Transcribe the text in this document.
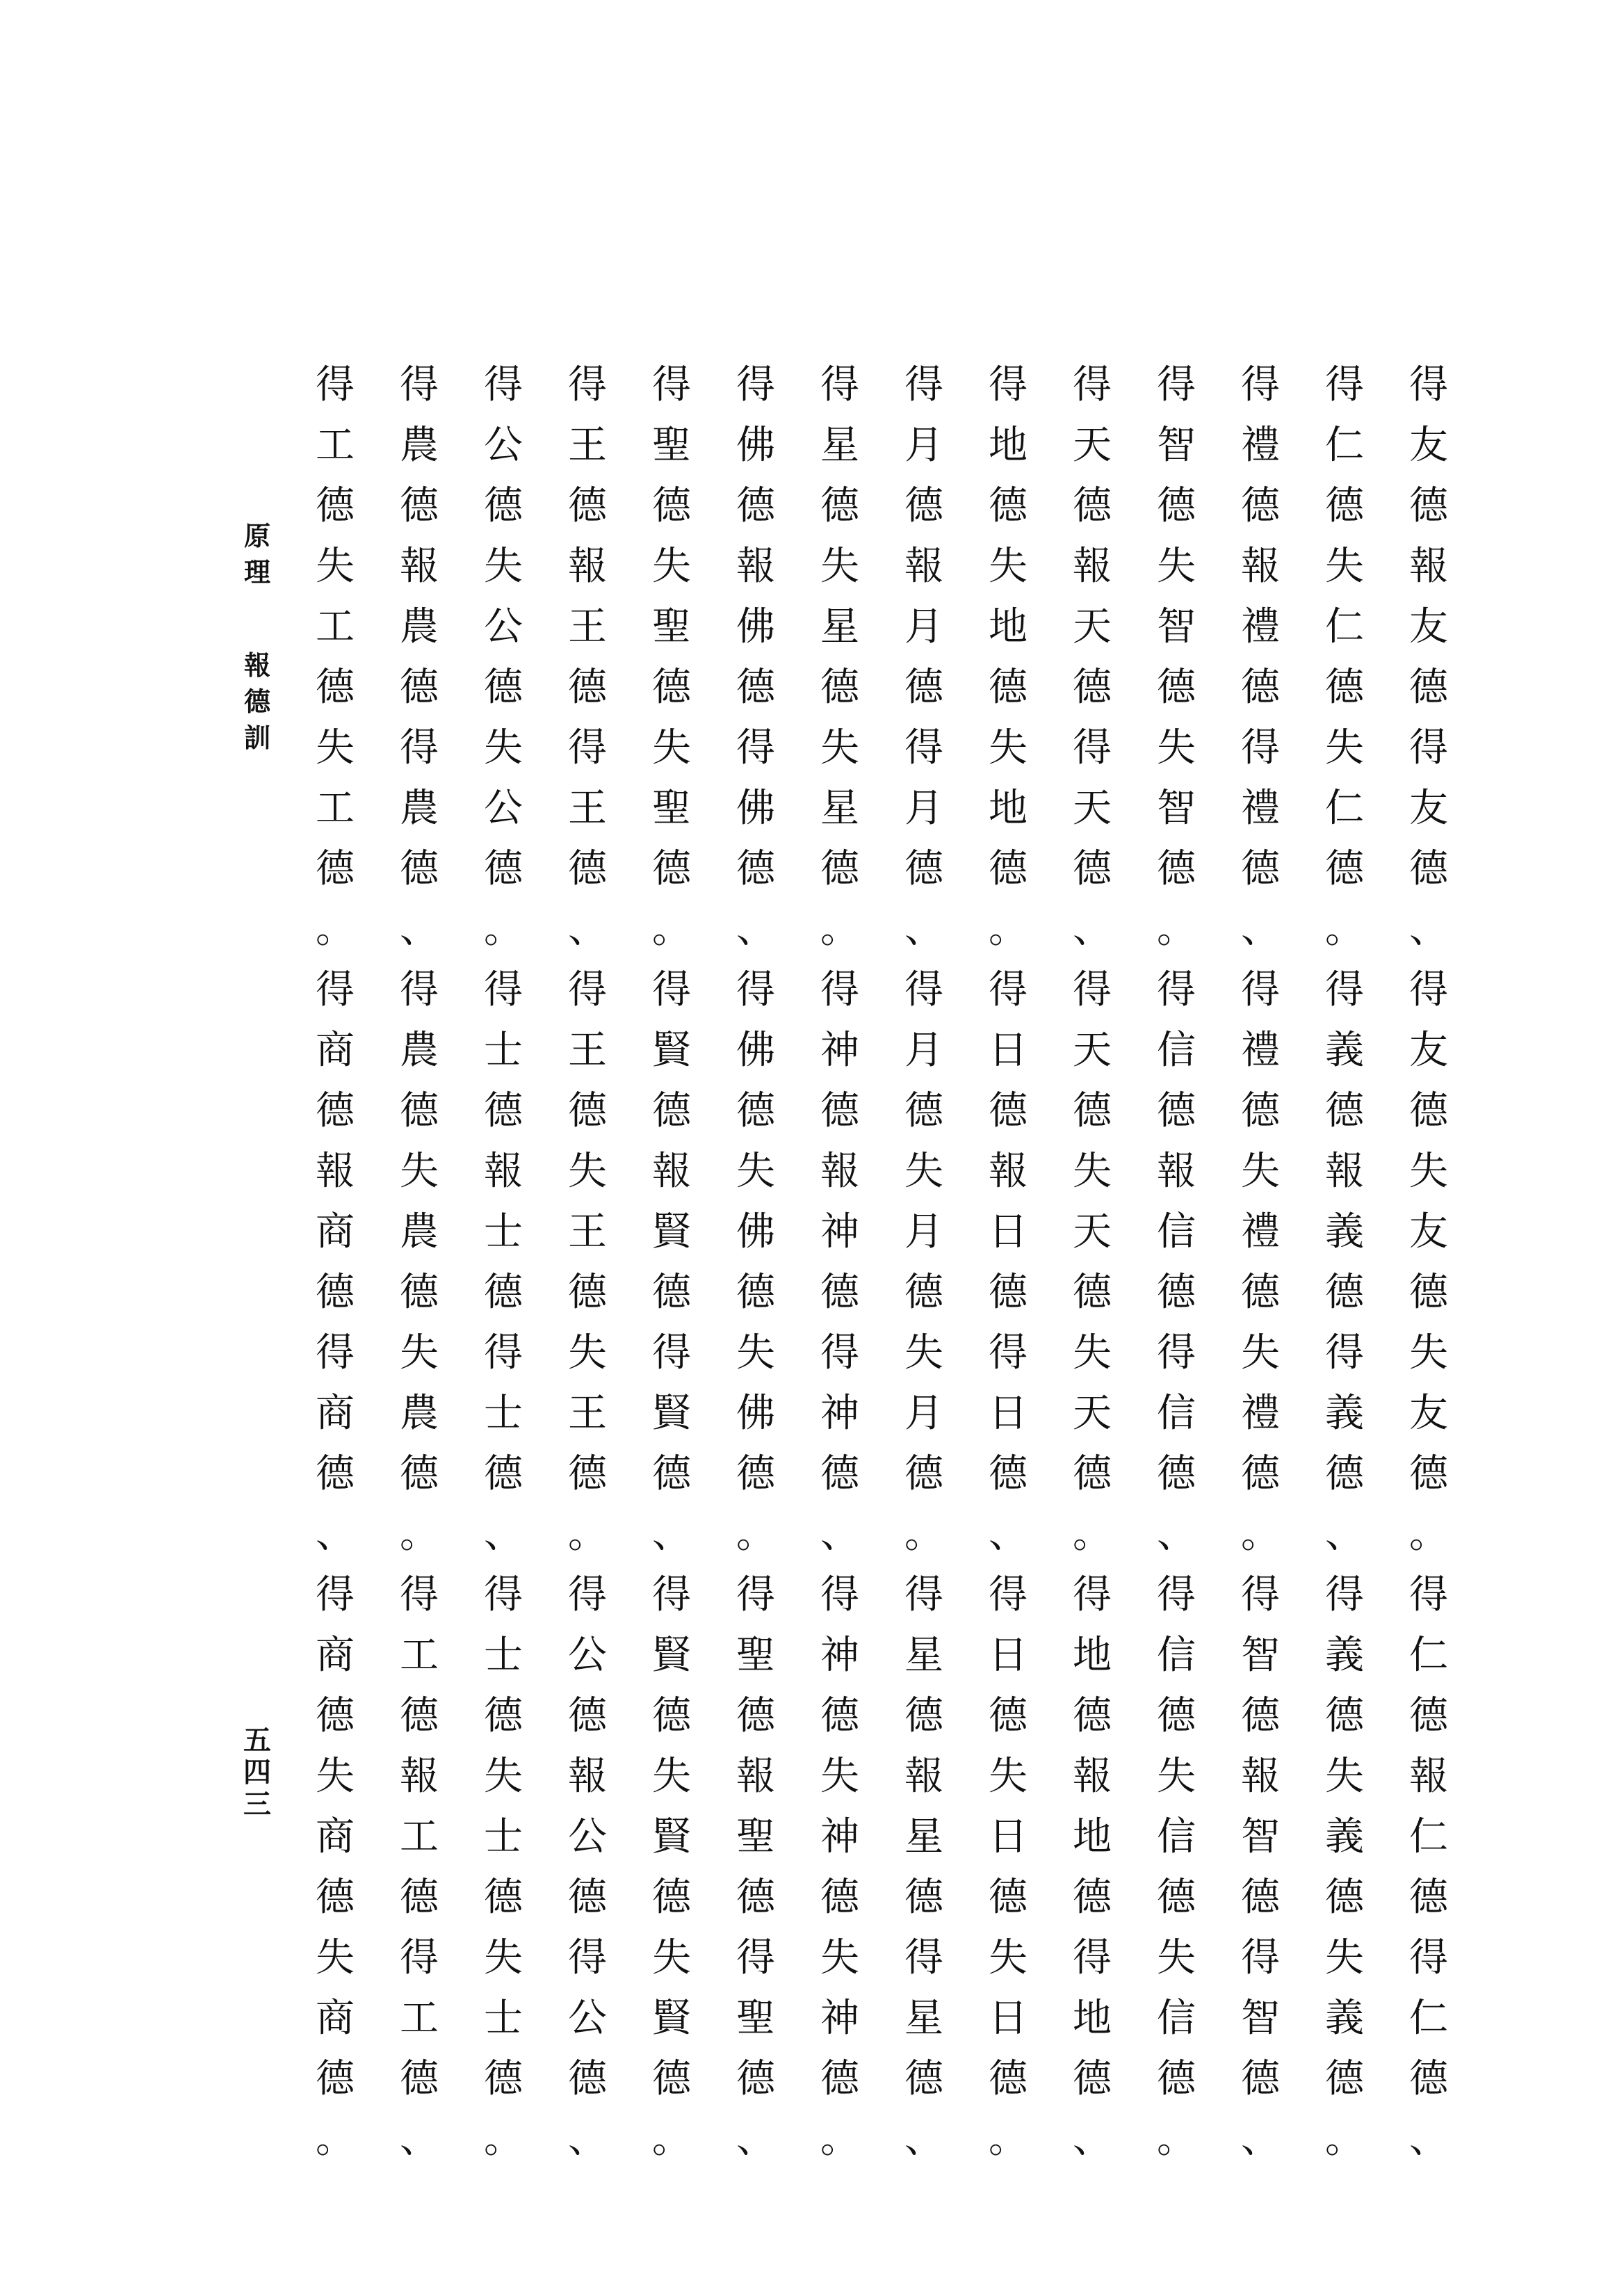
原
理
報
德
訓
五
四
三
得
友
德
報
友
德
得
友
德
、
得
仁
德
失
仁
德
失
仁
德
。
得
禮
德
報
禮
德
得
禮
德
、
得
智
德
失
智
德
失
智
德
。
得
天
德
報
天
德
得
天
德
、
得
地
德
失
地
德
失
地
德
。
得
月
德
報
月
德
得
月
德
、
得
星
德
失
星
德
失
星
德
。
得
佛
德
報
佛
德
得
佛
德
、
得
聖
德
失
聖
德
失
聖
德
。
得
王
德
報
王
德
得
王
德
、
得
公
德
失
公
德
失
公
德
。
得
農
德
報
農
德
得
農
德
、
得
工
德
失
工
德
失
工
德
。
得
友
德
失
友
德
失
友
德
。
得
義
德
報
義
德
得
義
德
、
得
禮
德
失
禮
德
失
禮
德
。
得
信
德
報
信
德
得
信
德
、
得
天
德
失
天
德
失
天
德
。
得
日
德
報
日
德
得
日
德
、
得
月
德
失
月
德
失
月
德
。
得
神
德
報
神
德
得
神
德
、
得
佛
德
失
佛
德
失
佛
德
。
得
賢
德
報
賢
德
得
賢
德
、
得
王
德
失
王
德
失
王
德
。
得
士
德
報
士
德
得
士
德
、
得
農
德
失
農
德
失
農
德
。
得
商
德
報
商
德
得
商
德
、
得
仁
德
報
仁
德
得
仁
德
、
得
義
德
失
義
德
失
義
德
。
得
智
德
報
智
德
得
智
德
、
得
信
德
失
信
德
失
信
德
。
得
地
德
報
地
德
得
地
德
、
得
日
德
失
日
德
失
日
德
。
得
星
德
報
星
德
得
星
德
、
得
神
德
失
神
德
失
神
德
。
得
聖
德
報
聖
德
得
聖
德
、
得
賢
德
失
賢
德
失
賢
德
。
得
公
德
報
公
德
得
公
德
、
得
士
德
失
士
德
失
士
德
。
得
工
德
報
工
德
得
工
德
、
得
商
德
失
商
德
失
商
德
。
